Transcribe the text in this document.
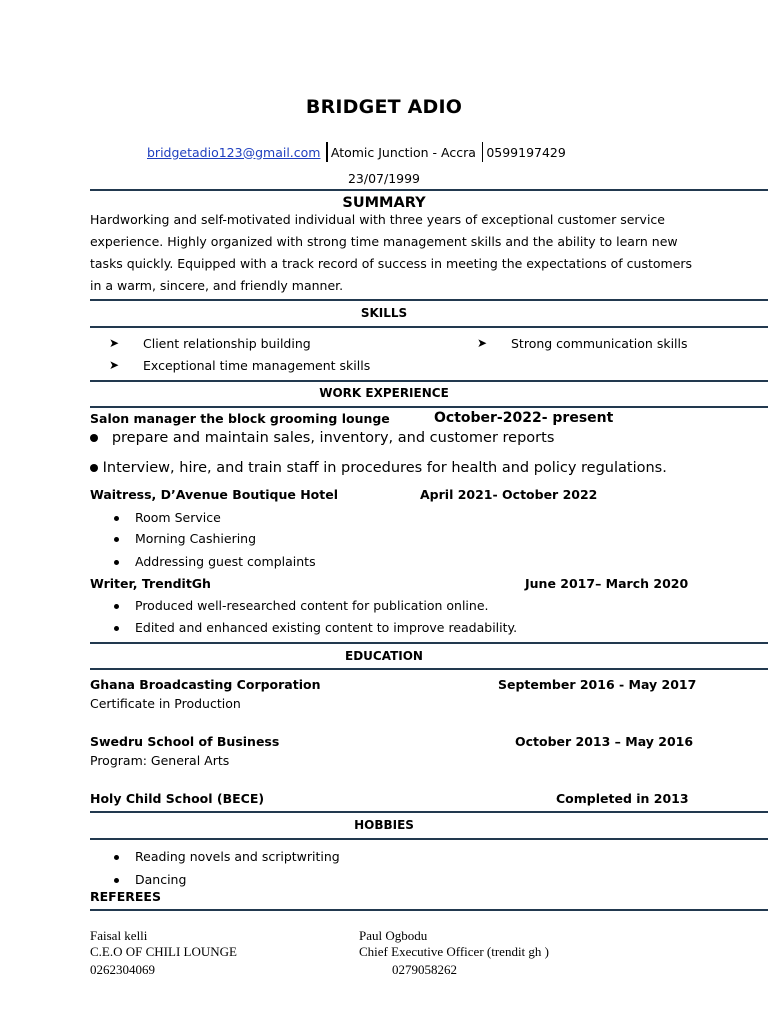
BRIDGET ADIO
bridgetadio123@gmail.com Atomic Junction - Accra 0599197429
23/07/1999
SUMMARY
Hardworking and self-motivated individual with three years of exceptional customer service
experience. Highly organized with strong time management skills and the ability to learn new
tasks quickly. Equipped with a track record of success in meeting the expectations of customers
in a warm, sincere, and friendly manner.
SKILLS
➤ Client relationship building	➤ Strong communication skills
➤ Exceptional time management skills
WORK EXPERIENCE
Salon manager the block grooming lounge	October-2022- present
prepare and maintain sales, inventory, and customer reports
Interview, hire, and train staff in procedures for health and policy regulations.
Waitress, D’Avenue Boutique Hotel	April 2021- October 2022
Room Service
Morning Cashiering
Addressing guest complaints
Writer, TrenditGh	June 2017– March 2020
Produced well-researched content for publication online.
Edited and enhanced existing content to improve readability.
EDUCATION
Ghana Broadcasting Corporation	September 2016 - May 2017
Certificate in Production
Swedru School of Business	October 2013 – May 2016
Program: General Arts
Holy Child School (BECE)	Completed in 2013
HOBBIES
Reading novels and scriptwriting
Dancing
REFEREES
Faisal kelli
C.E.O OF CHILI LOUNGE
0262304069
Paul Ogbodu
Chief Executive Officer (trendit gh )
0279058262
